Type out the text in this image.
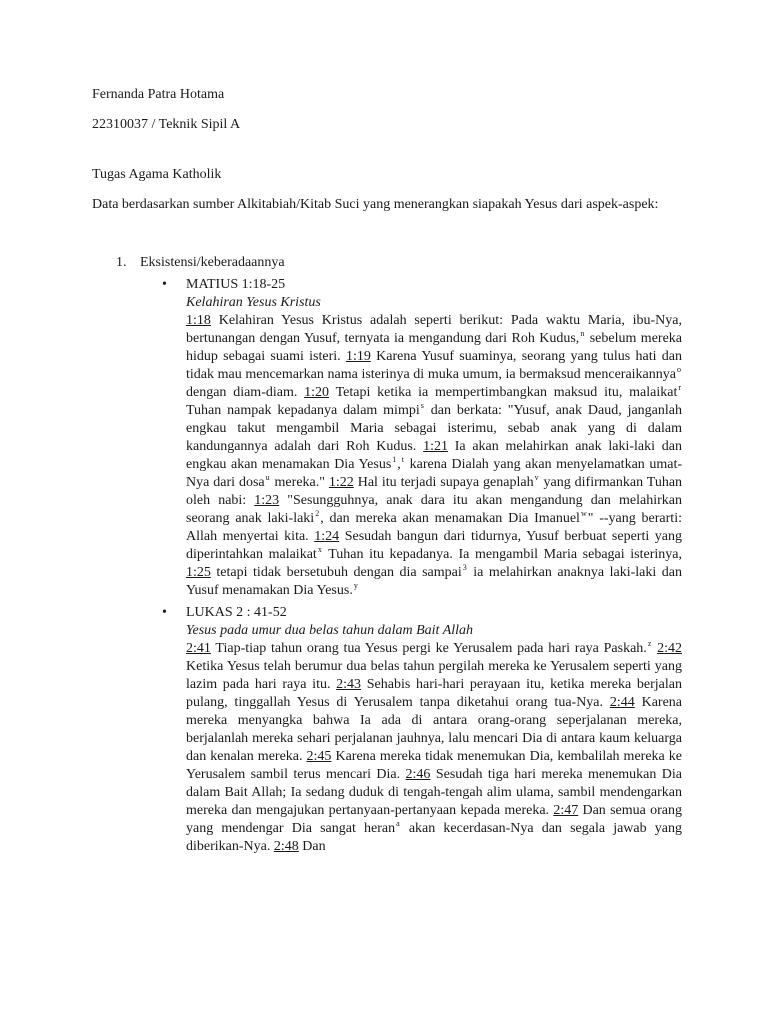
Fernanda Patra Hotama

22310037 / Teknik Sipil A

Tugas Agama Katholik

Data berdasarkan sumber Alkitabiah/Kitab Suci yang menerangkan siapakah Yesus dari aspek-aspek:

1. Eksistensi/keberadaannya
• MATIUS 1:18-25
Kelahiran Yesus Kristus
1:18 Kelahiran Yesus Kristus adalah seperti berikut: Pada waktu Maria, ibu-Nya, bertunangan dengan Yusuf, ternyata ia mengandung dari Roh Kudus,$^n$ sebelum mereka hidup sebagai suami isteri. 1:19 Karena Yusuf suaminya, seorang yang tulus hati dan tidak mau mencemarkan nama isterinya di muka umum, ia bermaksud menceraikannya$^o$ dengan diam-diam. 1:20 Tetapi ketika ia mempertimbangkan maksud itu, malaikat$^r$ Tuhan nampak kepadanya dalam mimpi$^s$ dan berkata: "Yusuf, anak Daud, janganlah engkau takut mengambil Maria sebagai isterimu, sebab anak yang di dalam kandungannya adalah dari Roh Kudus. 1:21 Ia akan melahirkan anak laki-laki dan engkau akan menamakan Dia Yesus$^1$,$^t$ karena Dialah yang akan menyelamatkan umat-Nya dari dosa$^u$ mereka." 1:22 Hal itu terjadi supaya genaplah$^v$ yang difirmankan Tuhan oleh nabi: 1:23 "Sesungguhnya, anak dara itu akan mengandung dan melahirkan seorang anak laki-laki$^2$, dan mereka akan menamakan Dia Imanuel$^w$" --yang berarti: Allah menyertai kita. 1:24 Sesudah bangun dari tidurnya, Yusuf berbuat seperti yang diperintahkan malaikat$^x$ Tuhan itu kepadanya. Ia mengambil Maria sebagai isterinya, 1:25 tetapi tidak bersetubuh dengan dia sampai$^3$ ia melahirkan anaknya laki-laki dan Yusuf menamakan Dia Yesus.$^y$
• LUKAS 2 : 41-52
Yesus pada umur dua belas tahun dalam Bait Allah
2:41 Tiap-tiap tahun orang tua Yesus pergi ke Yerusalem pada hari raya Paskah.$^z$ 2:42 Ketika Yesus telah berumur dua belas tahun pergilah mereka ke Yerusalem seperti yang lazim pada hari raya itu. 2:43 Sehabis hari-hari perayaan itu, ketika mereka berjalan pulang, tinggallah Yesus di Yerusalem tanpa diketahui orang tua-Nya. 2:44 Karena mereka menyangka bahwa Ia ada di antara orang-orang seperjalanan mereka, berjalanlah mereka sehari perjalanan jauhnya, lalu mencari Dia di antara kaum keluarga dan kenalan mereka. 2:45 Karena mereka tidak menemukan Dia, kembalilah mereka ke Yerusalem sambil terus mencari Dia. 2:46 Sesudah tiga hari mereka menemukan Dia dalam Bait Allah; Ia sedang duduk di tengah-tengah alim ulama, sambil mendengarkan mereka dan mengajukan pertanyaan-pertanyaan kepada mereka. 2:47 Dan semua orang yang mendengar Dia sangat heran$^a$ akan kecerdasan-Nya dan segala jawab yang diberikan-Nya. 2:48 Dan
